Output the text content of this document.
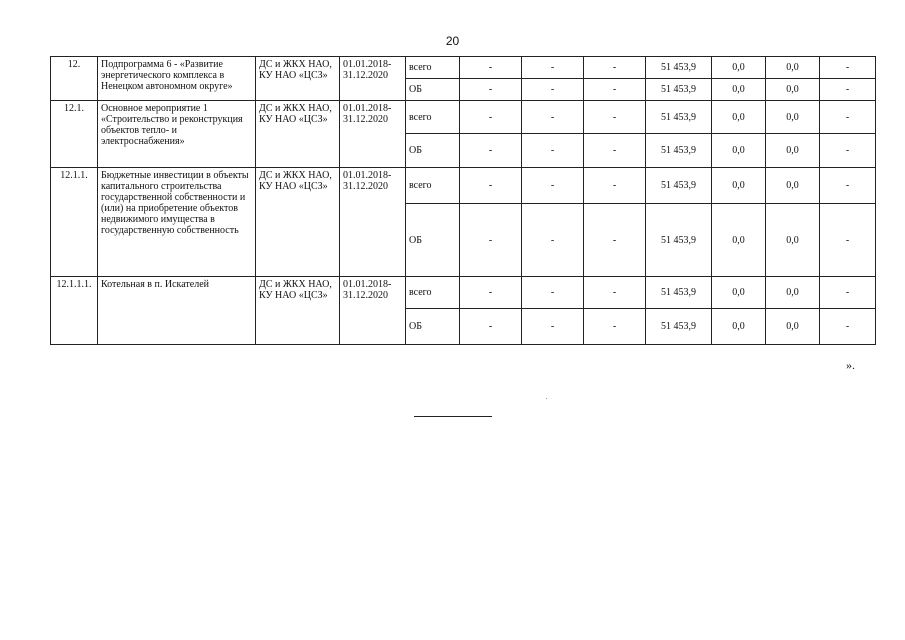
20
12.	Подпрограмма 6 - «Развитие энергетического комплекса в Ненецком автономном округе»	ДС и ЖКХ НАО, КУ НАО «ЦСЗ»	01.01.2018-31.12.2020	всего	-	-	-	51 453,9	0,0	0,0	-
				ОБ	-	-	-	51 453,9	0,0	0,0	-
12.1.	Основное мероприятие 1 «Строительство и реконструкция объектов тепло- и электроснабжения»	ДС и ЖКХ НАО, КУ НАО «ЦСЗ»	01.01.2018-31.12.2020	всего	-	-	-	51 453,9	0,0	0,0	-
				ОБ	-	-	-	51 453,9	0,0	0,0	-
12.1.1.	Бюджетные инвестиции в объекты капитального строительства государственной собственности и (или) на приобретение объектов недвижимого имущества в государственную собственность	ДС и ЖКХ НАО, КУ НАО «ЦСЗ»	01.01.2018-31.12.2020	всего	-	-	-	51 453,9	0,0	0,0	-
				ОБ	-	-	-	51 453,9	0,0	0,0	-
12.1.1.1.	Котельная в п. Искателей	ДС и ЖКХ НАО, КУ НАО «ЦСЗ»	01.01.2018-31.12.2020	всего	-	-	-	51 453,9	0,0	0,0	-
				ОБ	-	-	-	51 453,9	0,0	0,0	-
».
